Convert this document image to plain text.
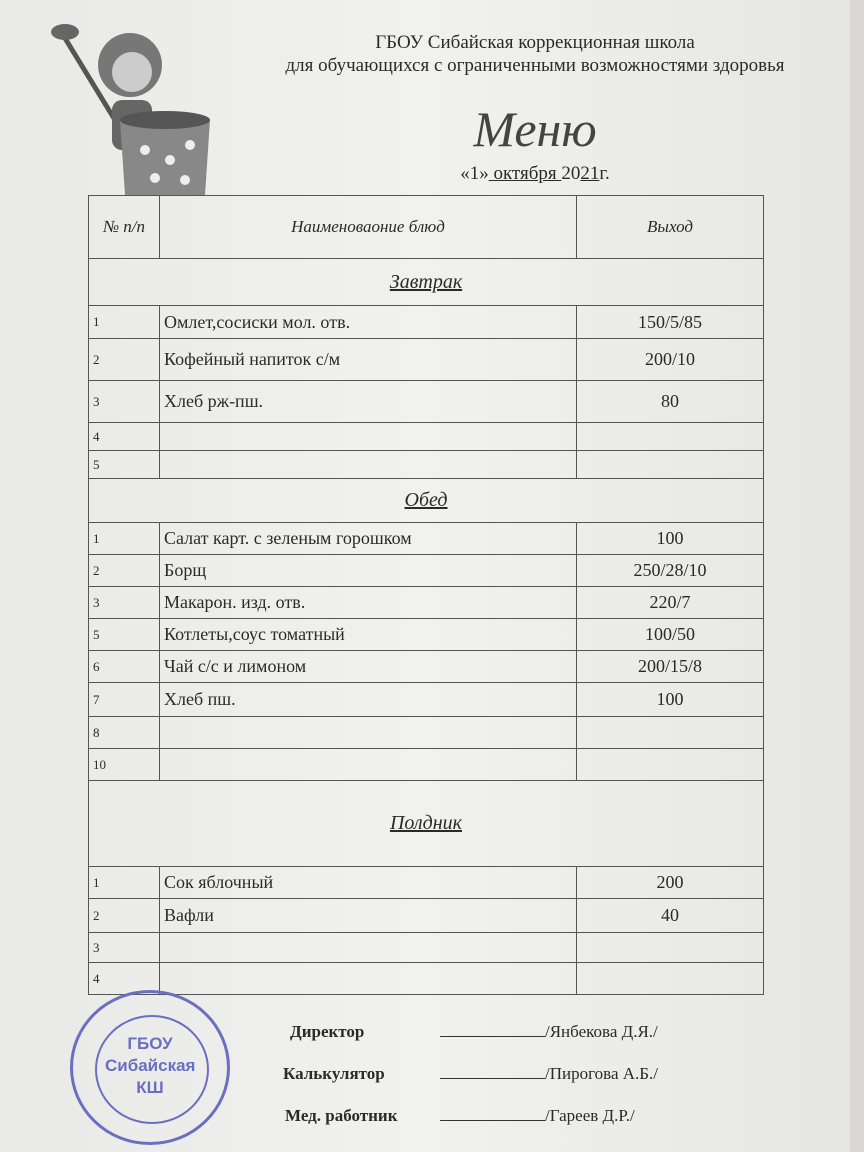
ГБОУ Сибайская коррекционная школа
для обучающихся с ограниченными возможностями здоровья
Меню
«1» октября 2021г.
№ п/п	Наименоваоние блюд	Выход
Завтрак		
1	Омлет,сосиски мол. отв.	150/5/85
2	Кофейный напиток с/м	200/10
3	Хлеб рж-пш.	80
4		
5		
Обед		
1	Салат карт. с зеленым горошком	100
2	Борщ	250/28/10
3	Макарон. изд. отв.	220/7
5	Котлеты,соус томатный	100/50
6	Чай с/с и лимоном	200/15/8
7	Хлеб пш.	100
8		
10		
Полдник		
1	Сок яблочный	200
2	Вафли	40
3		
4		
ГБОУ Сибайская КШ
Директор	/Янбекова Д.Я./
Калькулятор	/Пирогова А.Б./
Мед. работник	/Гареев Д.Р./
